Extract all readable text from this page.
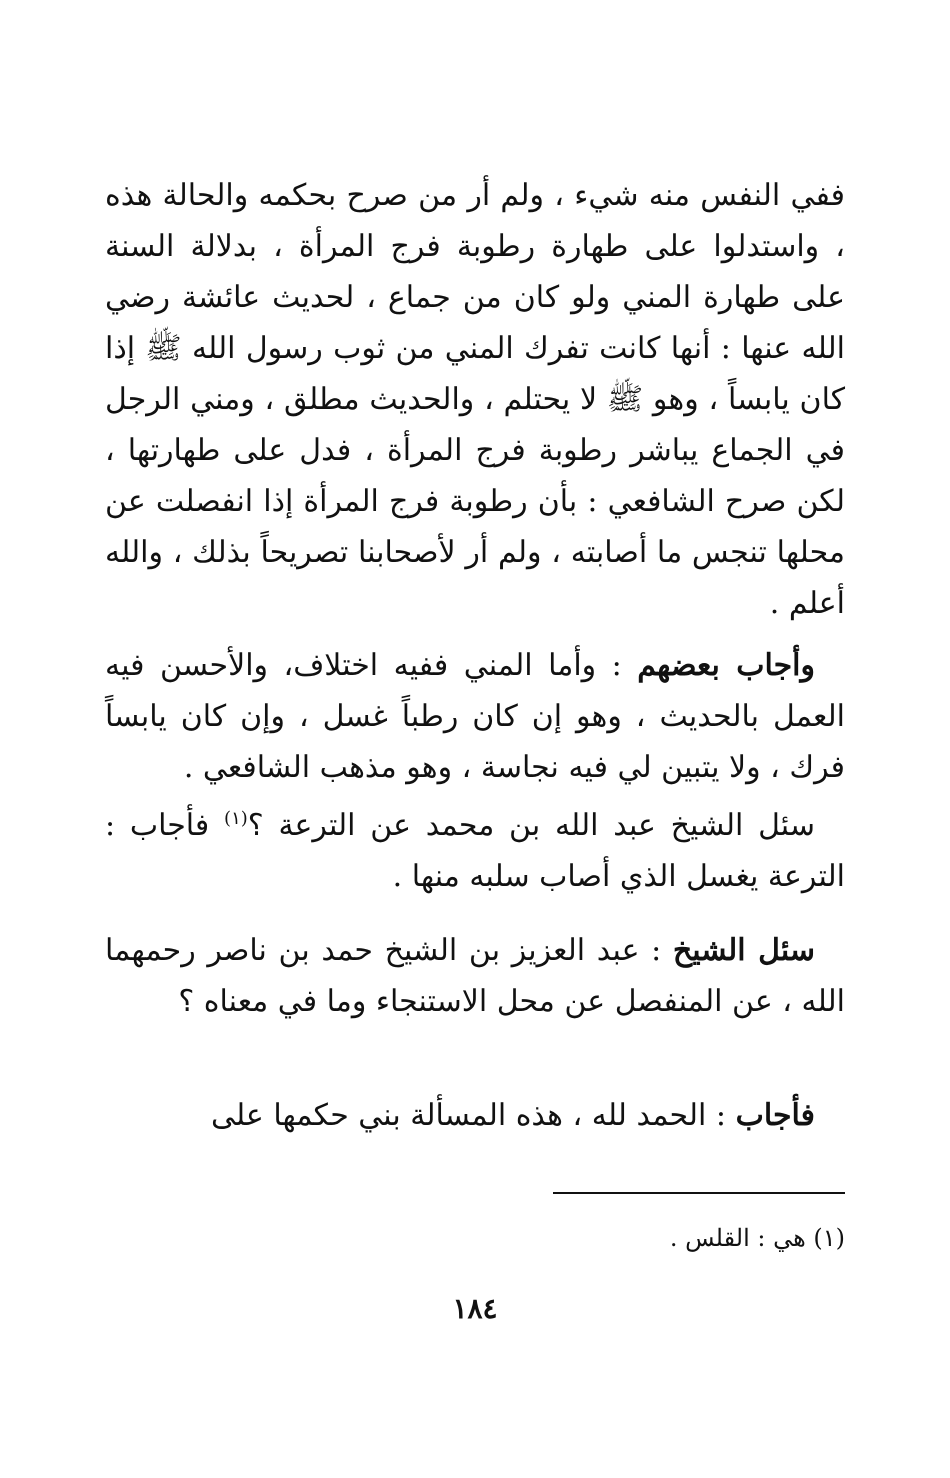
ففي النفس منه شيء ، ولم أر من صرح بحكمه والحالة هذه ، واستدلوا على طهارة رطوبة فرج المرأة ، بدلالة السنة على طهارة المني ولو كان من جماع ، لحديث عائشة رضي الله عنها : أنها كانت تفرك المني من ثوب رسول الله ﷺ إذا كان يابساً ، وهو ﷺ لا يحتلم ، والحديث مطلق ، ومني الرجل في الجماع يباشر رطوبة فرج المرأة ، فدل على طهارتها ، لكن صرح الشافعي : بأن رطوبة فرج المرأة إذا انفصلت عن محلها تنجس ما أصابته ، ولم أر لأصحابنا تصريحاً بذلك ، والله أعلم .
وأجاب بعضهم : وأما المني ففيه اختلاف، والأحسن فيه العمل بالحديث ، وهو إن كان رطباً غسل ، وإن كان يابساً فرك ، ولا يتبين لي فيه نجاسة ، وهو مذهب الشافعي .
سئل الشيخ عبد الله بن محمد عن الترعة ؟$^{(١)}$ فأجاب : الترعة يغسل الذي أصاب سلبه منها .
سئل الشيخ : عبد العزيز بن الشيخ حمد بن ناصر رحمهما الله ، عن المنفصل عن محل الاستنجاء وما في معناه ؟
فأجاب : الحمد لله ، هذه المسألة بني حكمها على
(١) هي : القلس .
١٨٤
